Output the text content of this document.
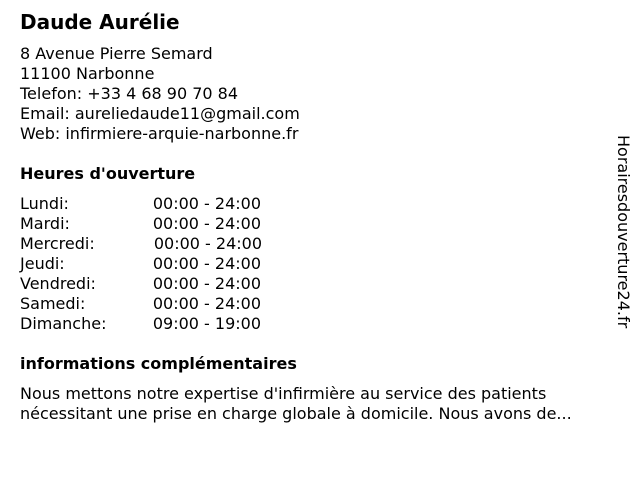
Daude Aurélie
8 Avenue Pierre Semard
11100 Narbonne
Telefon: +33 4 68 90 70 84
Email: aureliedaude11@gmail.com
Web: infirmiere-arquie-narbonne.fr
Heures d'ouverture
Lundi:	00:00 - 24:00
Mardi:	00:00 - 24:00
Mercredi:	00:00 - 24:00
Jeudi:	00:00 - 24:00
Vendredi:	00:00 - 24:00
Samedi:	00:00 - 24:00
Dimanche:	09:00 - 19:00
informations complémentaires
Nous mettons notre expertise d'infirmière au service des patients
nécessitant une prise en charge globale à domicile. Nous avons de...
Horairesdouverture24.fr
